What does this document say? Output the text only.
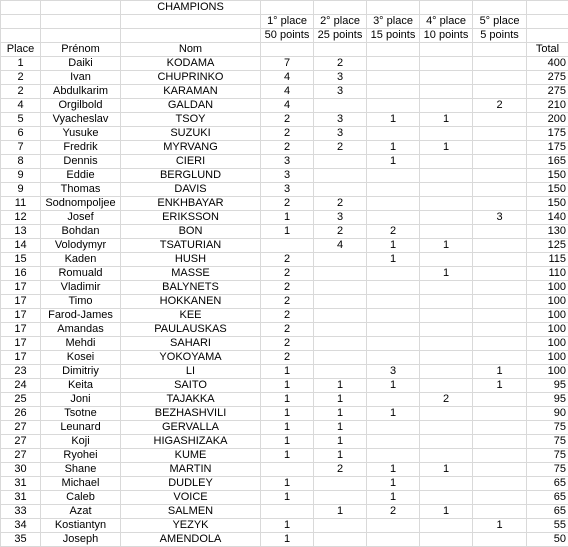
		CHAMPIONS						
			1° place	2° place	3° place	4° place	5° place	
			50 points	25 points	15 points	10 points	5 points	
Place	Prénom	Nom						Total
1	Daiki	KODAMA	7	2				400
2	Ivan	CHUPRINKO	4	3				275
2	Abdulkarim	KARAMAN	4	3				275
4	Orgilbold	GALDAN	4				2	210
5	Vyacheslav	TSOY	2	3	1	1		200
6	Yusuke	SUZUKI	2	3				175
7	Fredrik	MYRVANG	2	2	1	1		175
8	Dennis	CIERI	3		1			165
9	Eddie	BERGLUND	3					150
9	Thomas	DAVIS	3					150
11	Sodnompoljee	ENKHBAYAR	2	2				150
12	Josef	ERIKSSON	1	3			3	140
13	Bohdan	BON	1	2	2			130
14	Volodymyr	TSATURIAN		4	1	1		125
15	Kaden	HUSH	2		1			115
16	Romuald	MASSE	2			1		110
17	Vladimir	BALYNETS	2					100
17	Timo	HOKKANEN	2					100
17	Farod-James	KEE	2					100
17	Amandas	PAULAUSKAS	2					100
17	Mehdi	SAHARI	2					100
17	Kosei	YOKOYAMA	2					100
23	Dimitriy	LI	1		3		1	100
24	Keita	SAITO	1	1	1		1	95
25	Joni	TAJAKKA	1	1		2		95
26	Tsotne	BEZHASHVILI	1	1	1			90
27	Leunard	GERVALLA	1	1				75
27	Koji	HIGASHIZAKA	1	1				75
27	Ryohei	KUME	1	1				75
30	Shane	MARTIN		2	1	1		75
31	Michael	DUDLEY	1		1			65
31	Caleb	VOICE	1		1			65
33	Azat	SALMEN		1	2	1		65
34	Kostiantyn	YEZYK	1				1	55
35	Joseph	AMENDOLA	1					50
